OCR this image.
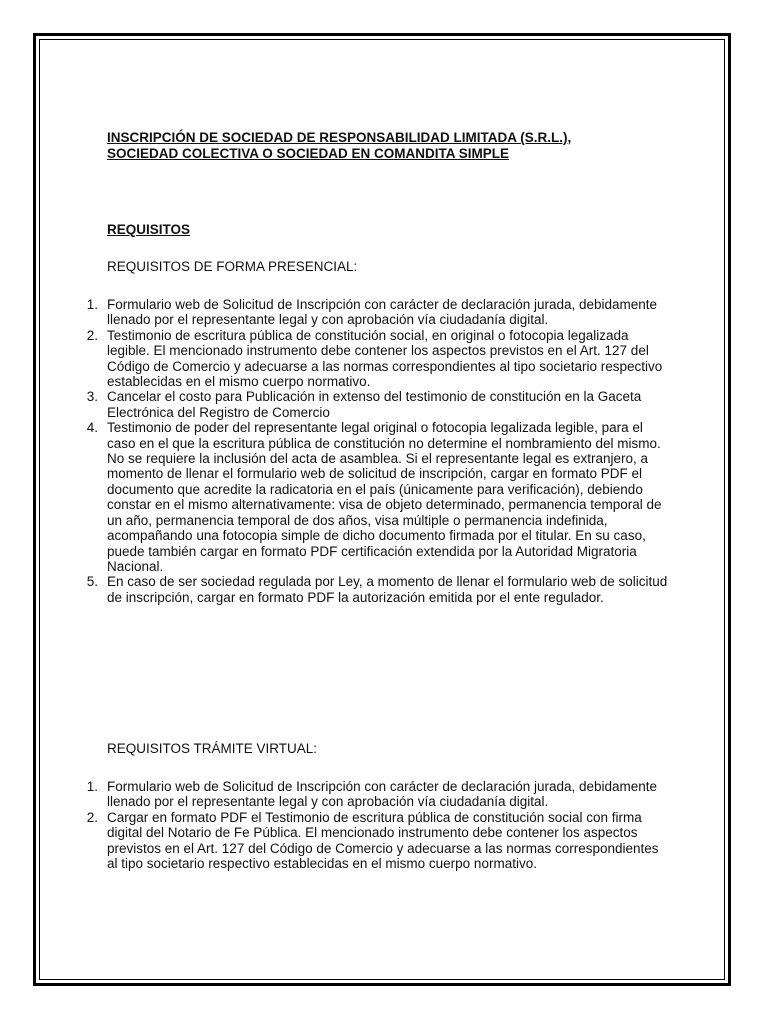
INSCRIPCIÓN DE SOCIEDAD DE RESPONSABILIDAD LIMITADA (S.R.L.),
SOCIEDAD COLECTIVA O SOCIEDAD EN COMANDITA SIMPLE
REQUISITOS
REQUISITOS DE FORMA PRESENCIAL:
1. Formulario web de Solicitud de Inscripción con carácter de declaración jurada, debidamente llenado por el representante legal y con aprobación vía ciudadanía digital.
2. Testimonio de escritura pública de constitución social, en original o fotocopia legalizada legible. El mencionado instrumento debe contener los aspectos previstos en el Art. 127 del Código de Comercio y adecuarse a las normas correspondientes al tipo societario respectivo establecidas en el mismo cuerpo normativo.
3. Cancelar el costo para Publicación in extenso del testimonio de constitución en la Gaceta Electrónica del Registro de Comercio
4. Testimonio de poder del representante legal original o fotocopia legalizada legible, para el caso en el que la escritura pública de constitución no determine el nombramiento del mismo. No se requiere la inclusión del acta de asamblea. Si el representante legal es extranjero, a momento de llenar el formulario web de solicitud de inscripción, cargar en formato PDF el documento que acredite la radicatoria en el país (únicamente para verificación), debiendo constar en el mismo alternativamente: visa de objeto determinado, permanencia temporal de un año, permanencia temporal de dos años, visa múltiple o permanencia indefinida, acompañando una fotocopia simple de dicho documento firmada por el titular. En su caso, puede también cargar en formato PDF certificación extendida por la Autoridad Migratoria Nacional.
5. En caso de ser sociedad regulada por Ley, a momento de llenar el formulario web de solicitud de inscripción, cargar en formato PDF la autorización emitida por el ente regulador.
REQUISITOS TRÁMITE VIRTUAL:
1. Formulario web de Solicitud de Inscripción con carácter de declaración jurada, debidamente llenado por el representante legal y con aprobación vía ciudadanía digital.
2. Cargar en formato PDF el Testimonio de escritura pública de constitución social con firma digital del Notario de Fe Pública. El mencionado instrumento debe contener los aspectos previstos en el Art. 127 del Código de Comercio y adecuarse a las normas correspondientes al tipo societario respectivo establecidas en el mismo cuerpo normativo.
